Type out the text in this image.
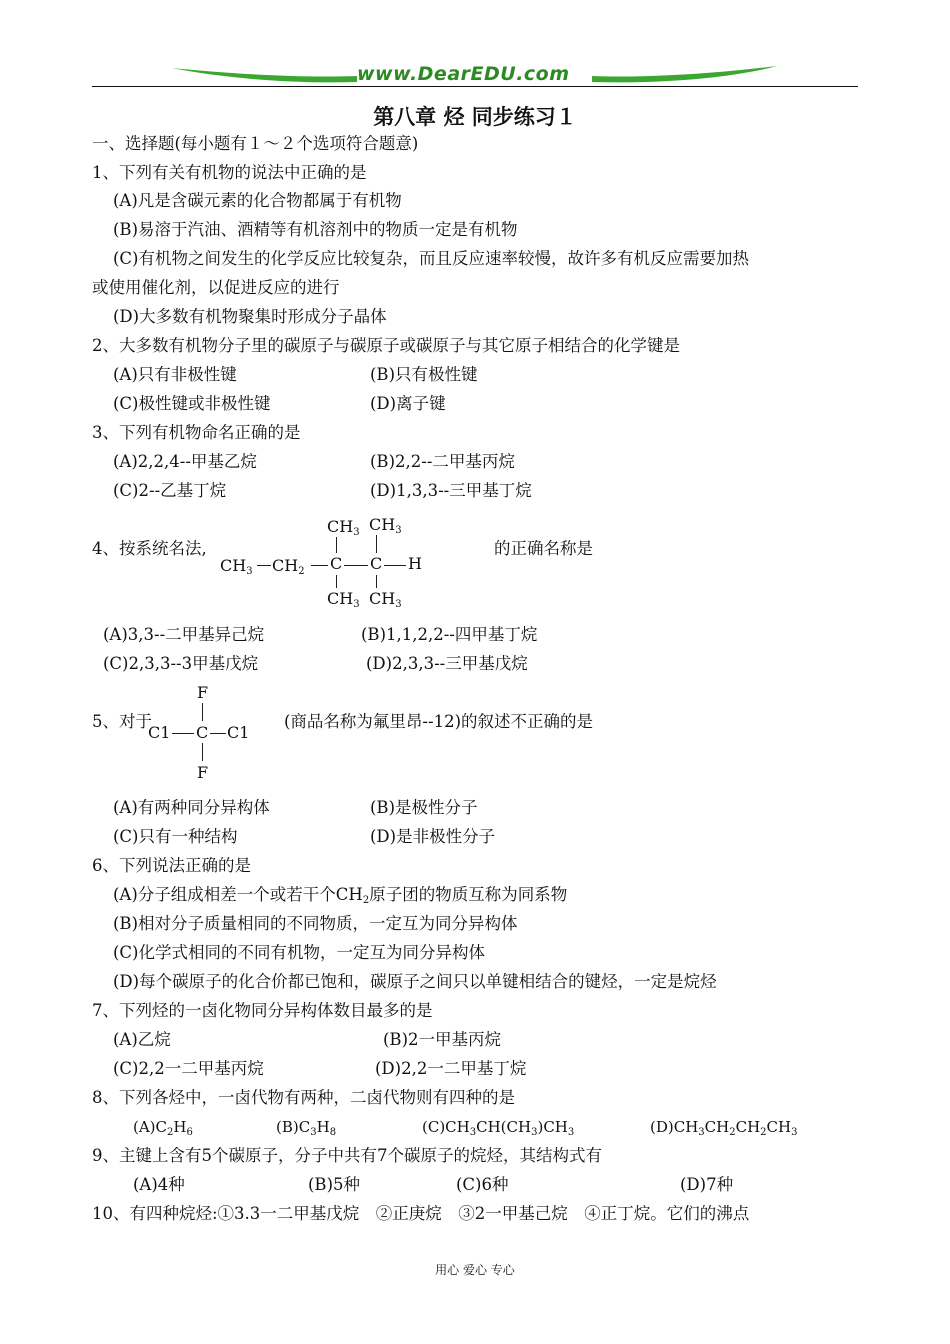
www.DearEDU.com
第八章 烃 同步练习１
一、选择题(每小题有１～２个选项符合题意)
1、下列有关有机物的说法中正确的是
(A)凡是含碳元素的化合物都属于有机物
(B)易溶于汽油、酒精等有机溶剂中的物质一定是有机物
(C)有机物之间发生的化学反应比较复杂，而且反应速率较慢，故许多有机反应需要加热
或使用催化剂，以促进反应的进行
(D)大多数有机物聚集时形成分子晶体
2、大多数有机物分子里的碳原子与碳原子或碳原子与其它原子相结合的化学键是
(A)只有非极性键	(B)只有极性键
(C)极性键或非极性键	(D)离子键
3、下列有机物命名正确的是
(A)2,2,4--甲基乙烷	(B)2,2--二甲基丙烷
(C)2--乙基丁烷	(D)1,3,3--三甲基丁烷
4、按系统名法,	的正确名称是
$CH_3$ $CH_3$
$CH_3$ $CH_2$ C C H
$CH_3$ $CH_3$
(A)3,3--二甲基异己烷	(B)1,1,2,2--四甲基丁烷
(C)2,3,3--3甲基戊烷	(D)2,3,3--三甲基戊烷
5、对于
F
C1 C C1
F
(商品名称为氟里昂--12)的叙述不正确的是
(A)有两种同分异构体	(B)是极性分子
(C)只有一种结构	(D)是非极性分子
6、下列说法正确的是
(A)分子组成相差一个或若干个$CH_2$原子团的物质互称为同系物
(B)相对分子质量相同的不同物质，一定互为同分异构体
(C)化学式相同的不同有机物，一定互为同分异构体
(D)每个碳原子的化合价都已饱和，碳原子之间只以单键相结合的键烃，一定是烷烃
7、下列烃的一卤化物同分异构体数目最多的是
(A)乙烷	(B)2一甲基丙烷
(C)2,2一二甲基丙烷	(D)2,2一二甲基丁烷
8、下列各烃中，一卤代物有两种，二卤代物则有四种的是
$(A)C_2H_6$	$(B)C_3H_8$	$(C)CH_3CH(CH_3)CH_3$	$(D)CH_3CH_2CH_2CH_3$
9、主键上含有5个碳原子，分子中共有7个碳原子的烷烃，其结构式有
(A)4种	(B)5种	(C)6种	(D)7种
10、有四种烷烃:①3.3一二甲基戊烷　②正庚烷　③2一甲基己烷　④正丁烷。它们的沸点
用心 爱心 专心
